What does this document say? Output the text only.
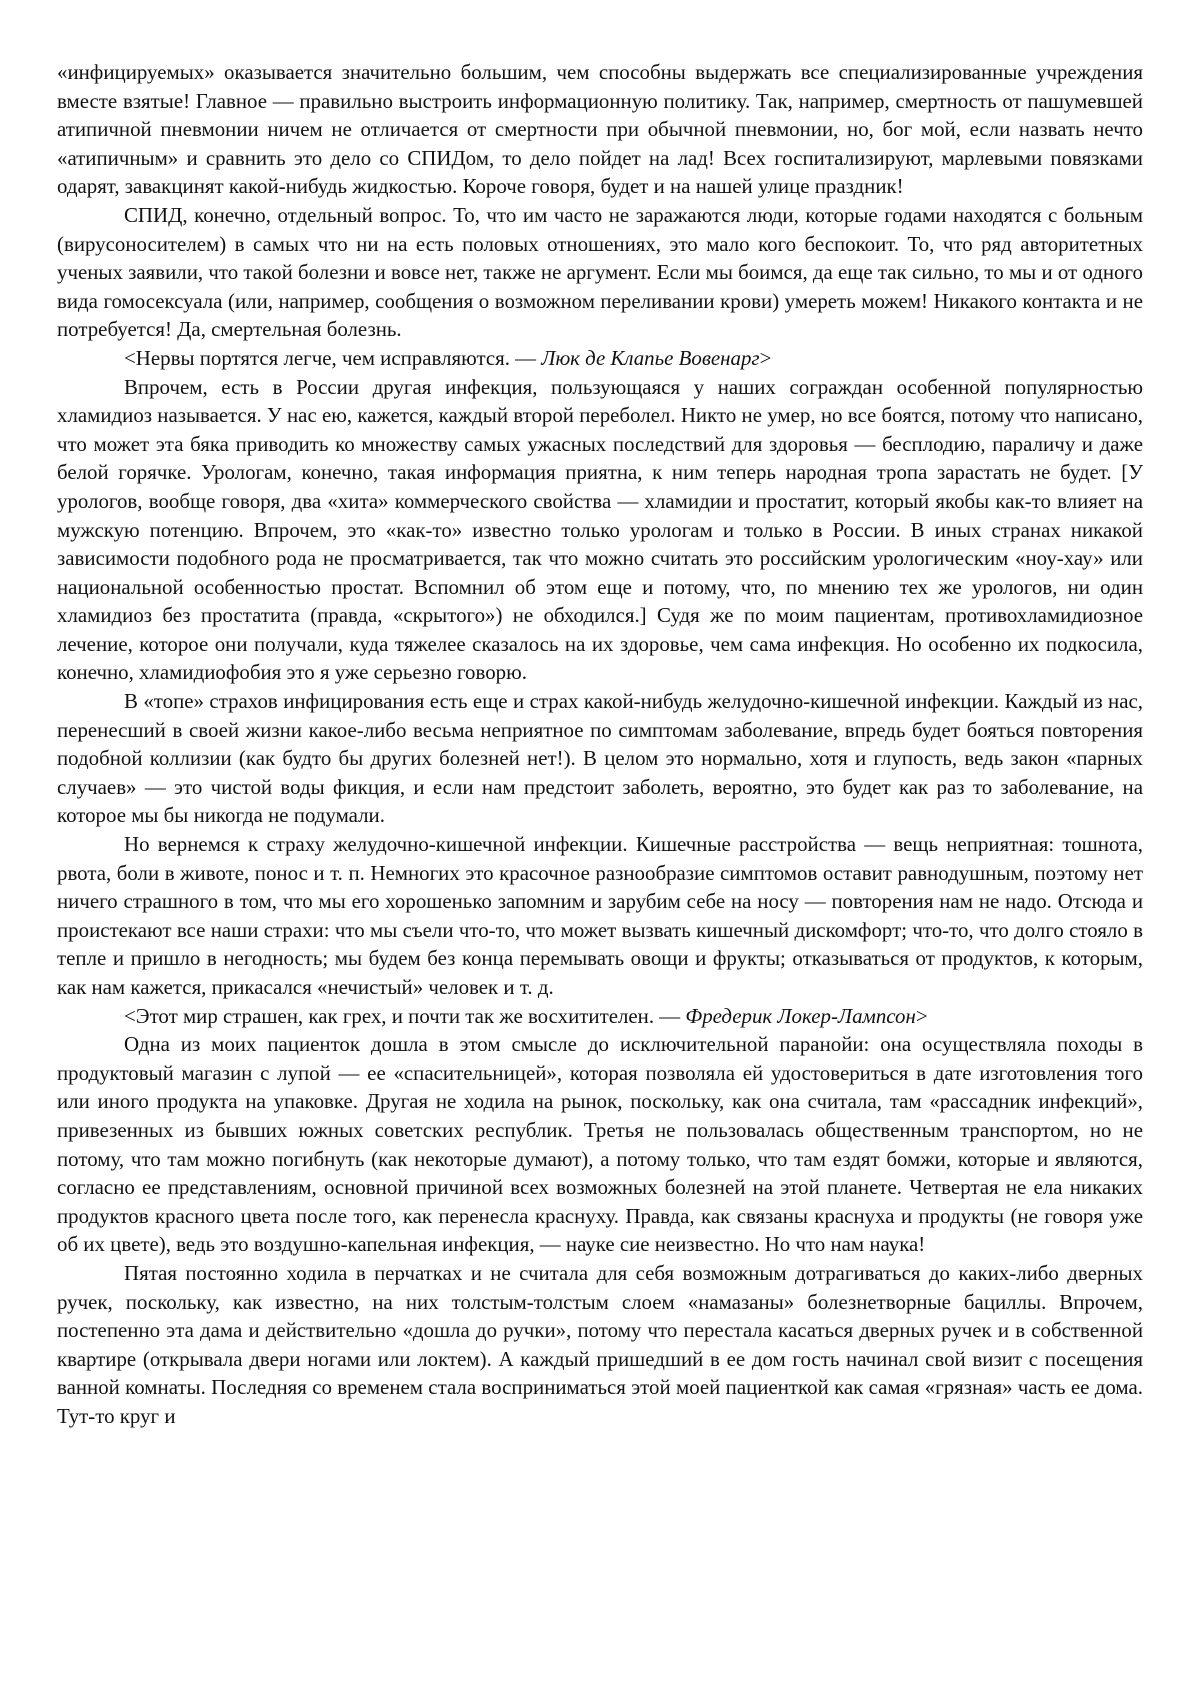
«инфицируемых» оказывается значительно большим, чем способны выдержать все специализированные учреждения вместе взятые! Главное — правильно выстроить информационную политику. Так, например, смертность от пашумевшей атипичной пневмонии ничем не отличается от смертности при обычной пневмонии, но, бог мой, если назвать нечто «атипичным» и сравнить это дело со СПИДом, то дело пойдет на лад! Всех госпитализируют, марлевыми повязками одарят, завакцинят какой-нибудь жидкостью. Короче говоря, будет и на нашей улице праздник!

СПИД, конечно, отдельный вопрос. То, что им часто не заражаются люди, которые годами находятся с больным (вирусоносителем) в самых что ни на есть половых отношениях, это мало кого беспокоит. То, что ряд авторитетных ученых заявили, что такой болезни и вовсе нет, также не аргумент. Если мы боимся, да еще так сильно, то мы и от одного вида гомосексуала (или, например, сообщения о возможном переливании крови) умереть можем! Никакого контакта и не потребуется! Да, смертельная болезнь.

<Нервы портятся легче, чем исправляются. — Люк де Клапье Вовенарг>

Впрочем, есть в России другая инфекция, пользующаяся у наших сограждан особенной популярностью хламидиоз называется. У нас ею, кажется, каждый второй переболел. Никто не умер, но все боятся, потому что написано, что может эта бяка приводить ко множеству самых ужасных последствий для здоровья — бесплодию, параличу и даже белой горячке. Урологам, конечно, такая информация приятна, к ним теперь народная тропа зарастать не будет. [У урологов, вообще говоря, два «хита» коммерческого свойства — хламидии и простатит, который якобы как-то влияет на мужскую потенцию. Впрочем, это «как-то» известно только урологам и только в России. В иных странах никакой зависимости подобного рода не просматривается, так что можно считать это российским урологическим «ноу-хау» или национальной особенностью простат. Вспомнил об этом еще и потому, что, по мнению тех же урологов, ни один хламидиоз без простатита (правда, «скрытого») не обходился.] Судя же по моим пациентам, противохламидиозное лечение, которое они получали, куда тяжелее сказалось на их здоровье, чем сама инфекция. Но особенно их подкосила, конечно, хламидиофобия это я уже серьезно говорю.

В «топе» страхов инфицирования есть еще и страх какой-нибудь желудочно-кишечной инфекции. Каждый из нас, перенесший в своей жизни какое-либо весьма неприятное по симптомам заболевание, впредь будет бояться повторения подобной коллизии (как будто бы других болезней нет!). В целом это нормально, хотя и глупость, ведь закон «парных случаев» — это чистой воды фикция, и если нам предстоит заболеть, вероятно, это будет как раз то заболевание, на которое мы бы никогда не подумали.

Но вернемся к страху желудочно-кишечной инфекции. Кишечные расстройства — вещь неприятная: тошнота, рвота, боли в животе, понос и т. п. Немногих это красочное разнообразие симптомов оставит равнодушным, поэтому нет ничего страшного в том, что мы его хорошенько запомним и зарубим себе на носу — повторения нам не надо. Отсюда и проистекают все наши страхи: что мы съели что-то, что может вызвать кишечный дискомфорт; что-то, что долго стояло в тепле и пришло в негодность; мы будем без конца перемывать овощи и фрукты; отказываться от продуктов, к которым, как нам кажется, прикасался «нечистый» человек и т. д.

<Этот мир страшен, как грех, и почти так же восхитителен. — Фредерик Локер-Лампсон>

Одна из моих пациенток дошла в этом смысле до исключительной паранойи: она осуществляла походы в продуктовый магазин с лупой — ее «спасительницей», которая позволяла ей удостовериться в дате изготовления того или иного продукта на упаковке. Другая не ходила на рынок, поскольку, как она считала, там «рассадник инфекций», привезенных из бывших южных советских республик. Третья не пользовалась общественным транспортом, но не потому, что там можно погибнуть (как некоторые думают), а потому только, что там ездят бомжи, которые и являются, согласно ее представлениям, основной причиной всех возможных болезней на этой планете. Четвертая не ела никаких продуктов красного цвета после того, как перенесла краснуху. Правда, как связаны краснуха и продукты (не говоря уже об их цвете), ведь это воздушно-капельная инфекция, — науке сие неизвестно. Но что нам наука!

Пятая постоянно ходила в перчатках и не считала для себя возможным дотрагиваться до каких-либо дверных ручек, поскольку, как известно, на них толстым-толстым слоем «намазаны» болезнетворные бациллы. Впрочем, постепенно эта дама и действительно «дошла до ручки», потому что перестала касаться дверных ручек и в собственной квартире (открывала двери ногами или локтем). А каждый пришедший в ее дом гость начинал свой визит с посещения ванной комнаты. Последняя со временем стала восприниматься этой моей пациенткой как самая «грязная» часть ее дома. Тут-то круг и
